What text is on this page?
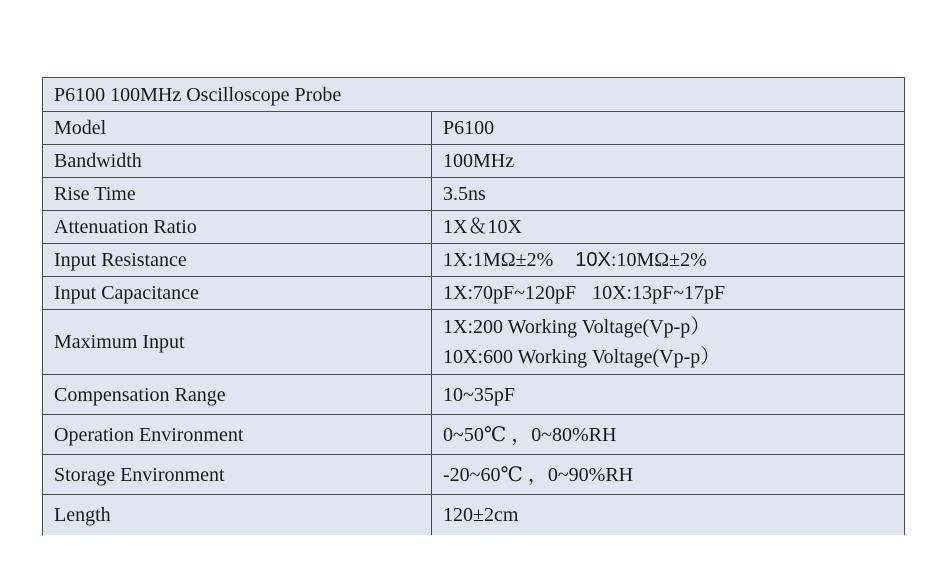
P6100 100MHz Oscilloscope Probe	
Model	P6100
Bandwidth	100MHz
Rise Time	3.5ns
Attenuation Ratio	1X＆10X
Input Resistance	1X:1MΩ±2% 10X:10MΩ±2%
Input Capacitance	1X:70pF~120pF 10X:13pF~17pF
Maximum Input	1X:200 Working Voltage(Vp-p）
10X:600 Working Voltage(Vp-p）

Compensation Range	10~35pF
Operation Environment	0~50℃ ，0~80%RH
Storage Environment	-20~60℃ ，0~90%RH
Length	120±2cm
